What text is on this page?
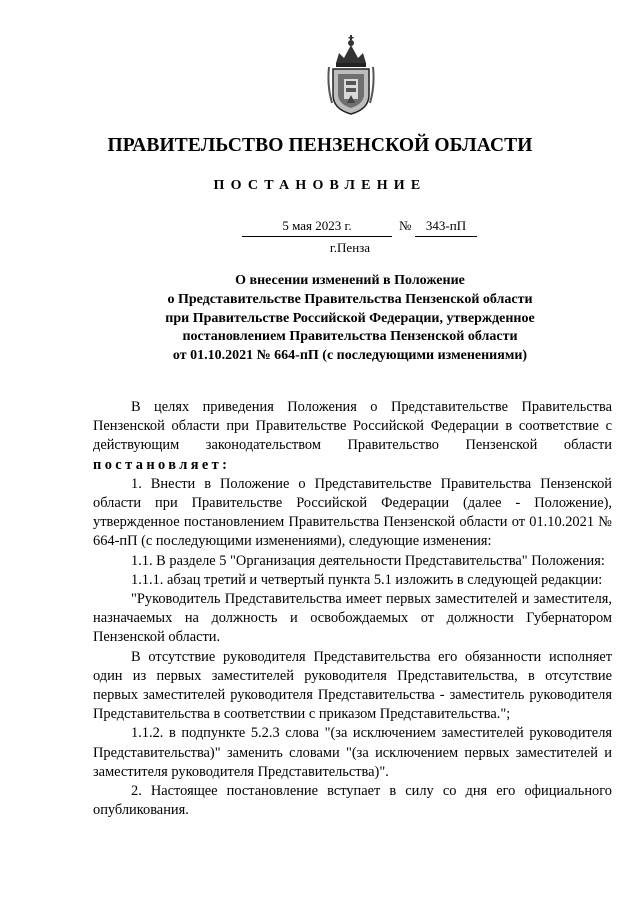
ПРАВИТЕЛЬСТВО ПЕНЗЕНСКОЙ ОБЛАСТИ
ПОСТАНОВЛЕНИЕ
5 мая 2023 г.	№	343-пП
г.Пенза
О внесении изменений в Положение
о Представительстве Правительства Пензенской области
при Правительстве Российской Федерации, утвержденное
постановлением Правительства Пензенской области
от 01.10.2021 № 664-пП (с последующими изменениями)

В целях приведения Положения о Представительстве Правительства Пензенской области при Правительстве Российской Федерации в соответствие с действующим законодательством Правительство Пензенской области постановляет:

1. Внести в Положение о Представительстве Правительства Пензенской области при Правительстве Российской Федерации (далее - Положение), утвержденное постановлением Правительства Пензенской области от 01.10.2021 № 664-пП (с последующими изменениями), следующие изменения:

1.1. В разделе 5 "Организация деятельности Представительства" Положения:

1.1.1. абзац третий и четвертый пункта 5.1 изложить в следующей редакции:

"Руководитель Представительства имеет первых заместителей и заместителя, назначаемых на должность и освобождаемых от должности Губернатором Пензенской области.

В отсутствие руководителя Представительства его обязанности исполняет один из первых заместителей руководителя Представительства, в отсутствие первых заместителей руководителя Представительства - заместитель руководителя Представительства в соответствии с приказом Представительства.";

1.1.2. в подпункте 5.2.3 слова "(за исключением заместителей руководителя Представительства)" заменить словами "(за исключением первых заместителей и заместителя руководителя Представительства)".

2. Настоящее постановление вступает в силу со дня его официального опубликования.
